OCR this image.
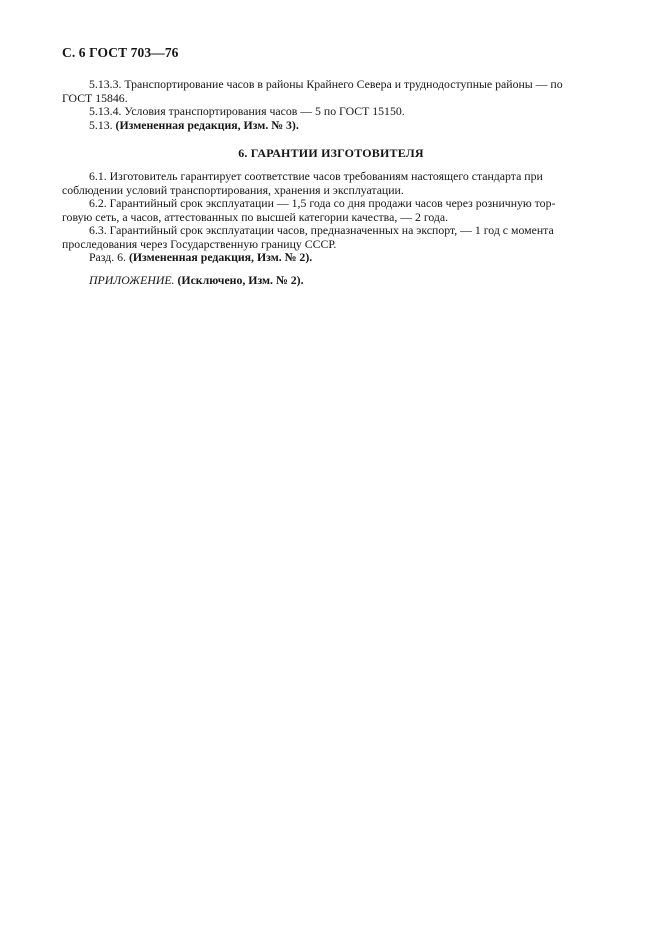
С. 6 ГОСТ 703—76
5.13.3. Транспортирование часов в районы Крайнего Севера и труднодоступные районы — по
ГОСТ 15846.
5.13.4. Условия транспортирования часов — 5 по ГОСТ 15150.
5.13. (Измененная редакция, Изм. № 3).
6. ГАРАНТИИ ИЗГОТОВИТЕЛЯ
6.1. Изготовитель гарантирует соответствие часов требованиям настоящего стандарта при
соблюдении условий транспортирования, хранения и эксплуатации.
6.2. Гарантийный срок эксплуатации — 1,5 года со дня продажи часов через розничную тор-
говую сеть, а часов, аттестованных по высшей категории качества, — 2 года.
6.3. Гарантийный срок эксплуатации часов, предназначенных на экспорт, — 1 год с момента
проследования через Государственную границу СССР.
Разд. 6. (Измененная редакция, Изм. № 2).
ПРИЛОЖЕНИЕ. (Исключено, Изм. № 2).
